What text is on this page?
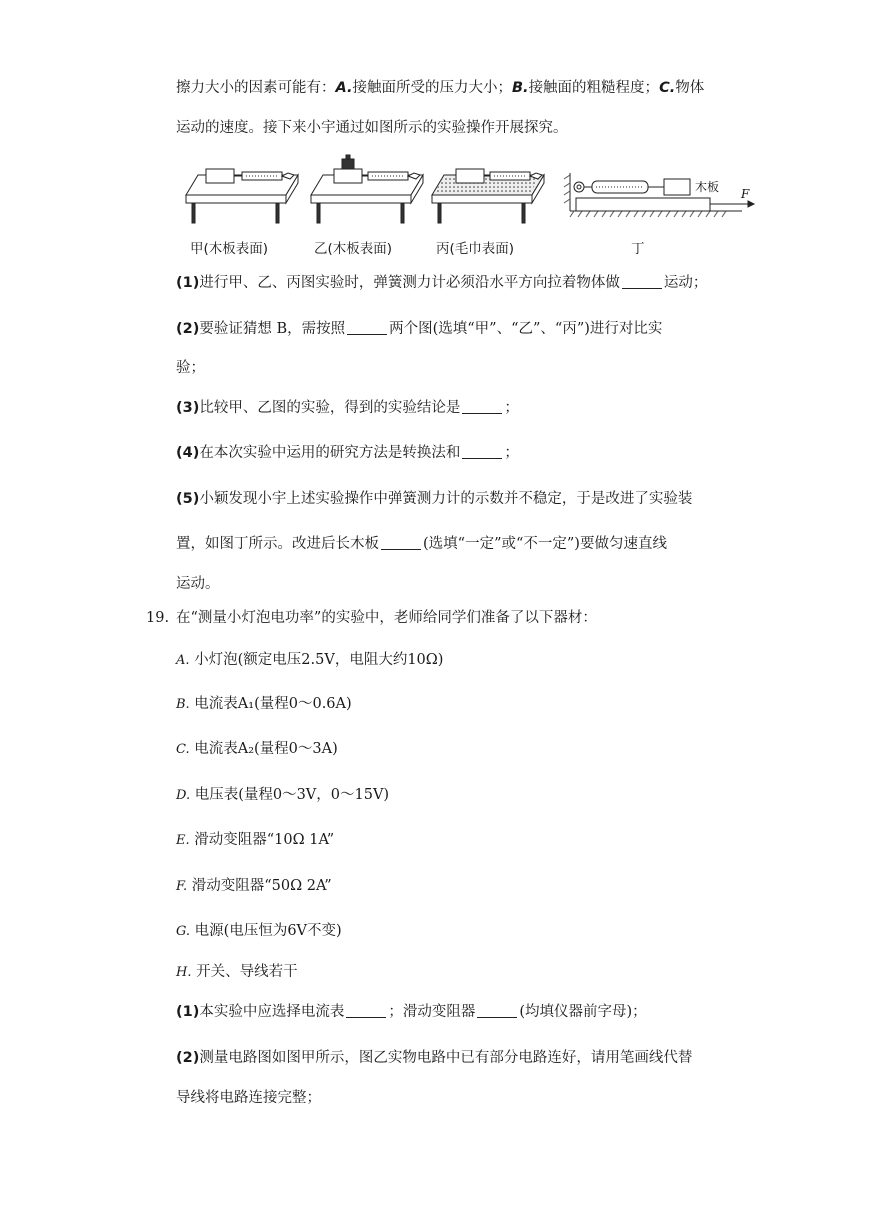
擦力大小的因素可能有：A.接触面所受的压力大小；B.接触面的粗糙程度；C.物体
运动的速度。接下来小宇通过如图所示的实验操作开展探究。
木板 F
甲(木板表面)	乙(木板表面)	丙(毛巾表面)	丁
(1)进行甲、乙、丙图实验时，弹簧测力计必须沿水平方向拉着物体做	运动；
(2)要验证猜想 B，需按照	两个图(选填“甲”、“乙”、“丙”)进行对比实
验；
(3)比较甲、乙图的实验，得到的实验结论是	；
(4)在本次实验中运用的研究方法是转换法和	；
(5)小颖发现小宇上述实验操作中弹簧测力计的示数并不稳定，于是改进了实验装
置，如图丁所示。改进后长木板	(选填“一定”或“不一定”)要做匀速直线
运动。
19. 在“测量小灯泡电功率”的实验中，老师给同学们准备了以下器材：
A. 小灯泡(额定电压2.5V，电阻大约10Ω)
B. 电流表A₁(量程0～0.6A)
C. 电流表A₂(量程0～3A)
D. 电压表(量程0～3V，0～15V)
E. 滑动变阻器“10Ω 1A”
F. 滑动变阻器“50Ω 2A”
G. 电源(电压恒为6V不变)
H. 开关、导线若干
(1)本实验中应选择电流表	；滑动变阻器	(均填仪器前字母)；
(2)测量电路图如图甲所示，图乙实物电路中已有部分电路连好，请用笔画线代替
导线将电路连接完整；
